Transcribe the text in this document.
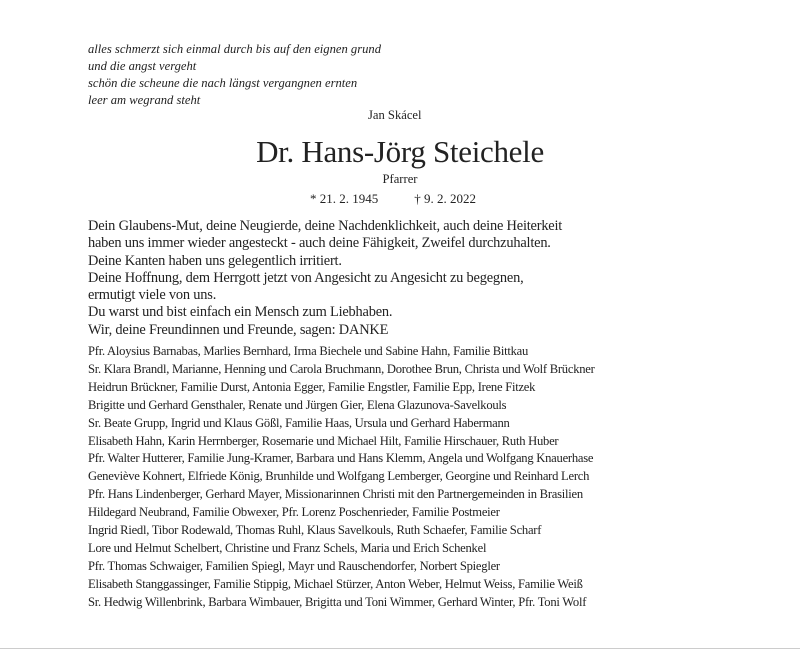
alles schmerzt sich einmal durch bis auf den eignen grund
und die angst vergeht
schön die scheune die nach längst vergangnen ernten
leer am wegrand steht
Jan Skácel
Dr. Hans-Jörg Steichele
Pfarrer
* 21. 2. 1945	† 9. 2. 2022
Dein Glaubens-Mut, deine Neugierde, deine Nachdenklichkeit, auch deine Heiterkeit
haben uns immer wieder angesteckt - auch deine Fähigkeit, Zweifel durchzuhalten.
Deine Kanten haben uns gelegentlich irritiert.
Deine Hoffnung, dem Herrgott jetzt von Angesicht zu Angesicht zu begegnen,
ermutigt viele von uns.
Du warst und bist einfach ein Mensch zum Liebhaben.
Wir, deine Freundinnen und Freunde, sagen: DANKE
Pfr. Aloysius Barnabas, Marlies Bernhard, Irma Biechele und Sabine Hahn, Familie Bittkau
Sr. Klara Brandl, Marianne, Henning und Carola Bruchmann, Dorothee Brun, Christa und Wolf Brückner
Heidrun Brückner, Familie Durst, Antonia Egger, Familie Engstler, Familie Epp, Irene Fitzek
Brigitte und Gerhard Gensthaler, Renate und Jürgen Gier, Elena Glazunova-Savelkouls
Sr. Beate Grupp, Ingrid und Klaus Gößl, Familie Haas, Ursula und Gerhard Habermann
Elisabeth Hahn, Karin Herrnberger, Rosemarie und Michael Hilt, Familie Hirschauer, Ruth Huber
Pfr. Walter Hutterer, Familie Jung-Kramer, Barbara und Hans Klemm, Angela und Wolfgang Knauerhase
Geneviève Kohnert, Elfriede König, Brunhilde und Wolfgang Lemberger, Georgine und Reinhard Lerch
Pfr. Hans Lindenberger, Gerhard Mayer, Missionarinnen Christi mit den Partnergemeinden in Brasilien
Hildegard Neubrand, Familie Obwexer, Pfr. Lorenz Poschenrieder, Familie Postmeier
Ingrid Riedl, Tibor Rodewald, Thomas Ruhl, Klaus Savelkouls, Ruth Schaefer, Familie Scharf
Lore und Helmut Schelbert, Christine und Franz Schels, Maria und Erich Schenkel
Pfr. Thomas Schwaiger, Familien Spiegl, Mayr und Rauschendorfer, Norbert Spiegler
Elisabeth Stanggassinger, Familie Stippig, Michael Stürzer, Anton Weber, Helmut Weiss, Familie Weiß
Sr. Hedwig Willenbrink, Barbara Wimbauer, Brigitta und Toni Wimmer, Gerhard Winter, Pfr. Toni Wolf
